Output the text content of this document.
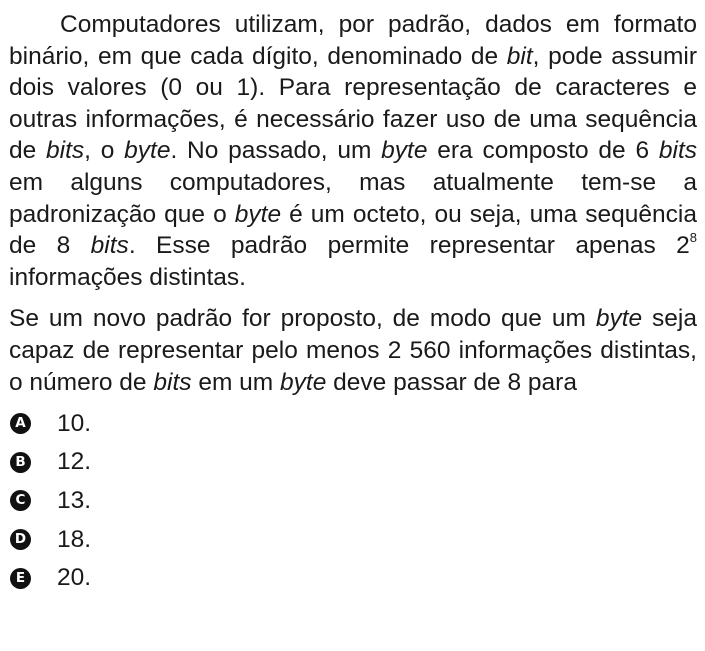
Computadores utilizam, por padrão, dados em formato binário, em que cada dígito, denominado de bit, pode assumir dois valores (0 ou 1). Para representação de caracteres e outras informações, é necessário fazer uso de uma sequência de bits, o byte. No passado, um byte era composto de 6 bits em alguns computadores, mas atualmente tem-se a padronização que o byte é um octeto, ou seja, uma sequência de 8 bits. Esse padrão permite representar apenas $2^8$ informações distintas.

Se um novo padrão for proposto, de modo que um byte seja capaz de representar pelo menos 2 560 informações distintas, o número de bits em um byte deve passar de 8 para

A 10.
B 12.
C 13.
D 18.
E 20.
